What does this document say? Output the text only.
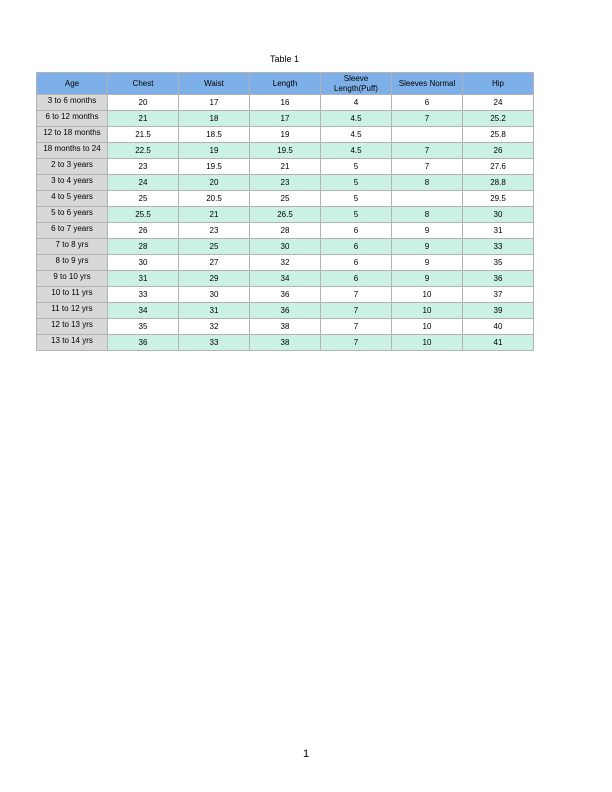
Table 1
Age	Chest	Waist	Length	Sleeve Length(Puff)	Sleeves Normal	Hip
3 to 6 months	20	17	16	4	6	24
6 to 12 months	21	18	17	4.5	7	25.2
12 to 18 months	21.5	18.5	19	4.5		25.8
18 months to 24	22.5	19	19.5	4.5	7	26
2 to 3 years	23	19.5	21	5	7	27.6
3 to 4 years	24	20	23	5	8	28.8
4 to 5 years	25	20.5	25	5		29.5
5 to 6 years	25.5	21	26.5	5	8	30
6 to 7 years	26	23	28	6	9	31
7 to 8 yrs	28	25	30	6	9	33
8 to 9 yrs	30	27	32	6	9	35
9 to 10 yrs	31	29	34	6	9	36
10 to 11 yrs	33	30	36	7	10	37
11 to 12 yrs	34	31	36	7	10	39
12 to 13 yrs	35	32	38	7	10	40
13 to 14 yrs	36	33	38	7	10	41
1
